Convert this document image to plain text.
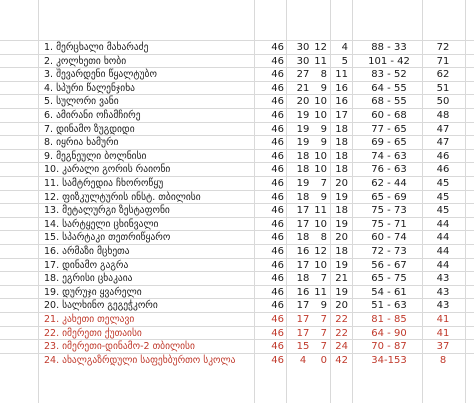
1. მერცხალი მახარაძე	46	30 12	4	88 - 33	72
2. კოლხეთი ხობი	46	30 11	5	101 - 42	71
3. შევარდენი წყალტუბო	46	27	8 11	83 - 52	62
4. სპური წალენჯიხა	46	21	9 16	64 - 55	51
5. სულორი ვანი	46	20 10 16	68 - 55	50
6. ამირანი ოჩამჩირე	46	19 10 17	60 - 68	48
7. დინამო ზუგდიდი	46	19	9 18	77 - 65	47
8. იყრია ხამური	46	19	9 18	69 - 65	47
9. მეგნეული ბოლნისი	46	18 10 18	74 - 63	46
10. კარალი გორის რაიონი	46	18 10 18	76 - 63	46
11. სამტრედია ჩხოროწყუ	46	19	7 20	62 - 44	45
12. ფიზკულტურის ინსტ. თბილისი	46	18	9 19	65 - 69	45
13. მეტალურგი ზესტაფონი	46	17 11 18	75 - 73	45
14. სარტყელი ცხინვალი	46	17 10 19	75 - 71	44
15. სპარტაკი თეთრიწყარო	46	18	8 20	60 - 74	44
16. არმაზი მცხეთა	46	16 12 18	72 - 73	44
17. დინამო გაგრა	46	17 10 19	56 - 67	44
18. ეგრისი ცხაკაია	46	18	7 21	65 - 75	43
19. დურუჯი ყვარელი	46	16 11 19	54 - 61	43
20. სალხინო გეგეჭკორი	46	17	9 20	51 - 63	43
21. კახეთი თელავი	46	17	7 22	81 - 85	41
22. იმერეთი ქუთაისი	46	17	7 22	64 - 90	41
23. იმერეთი-დინამო-2 თბილისი	46	15	7 24	70 - 87	37
24. ახალგაზრდული საფეხბურთო სკოლა	46	4	0 42	34-153	8
